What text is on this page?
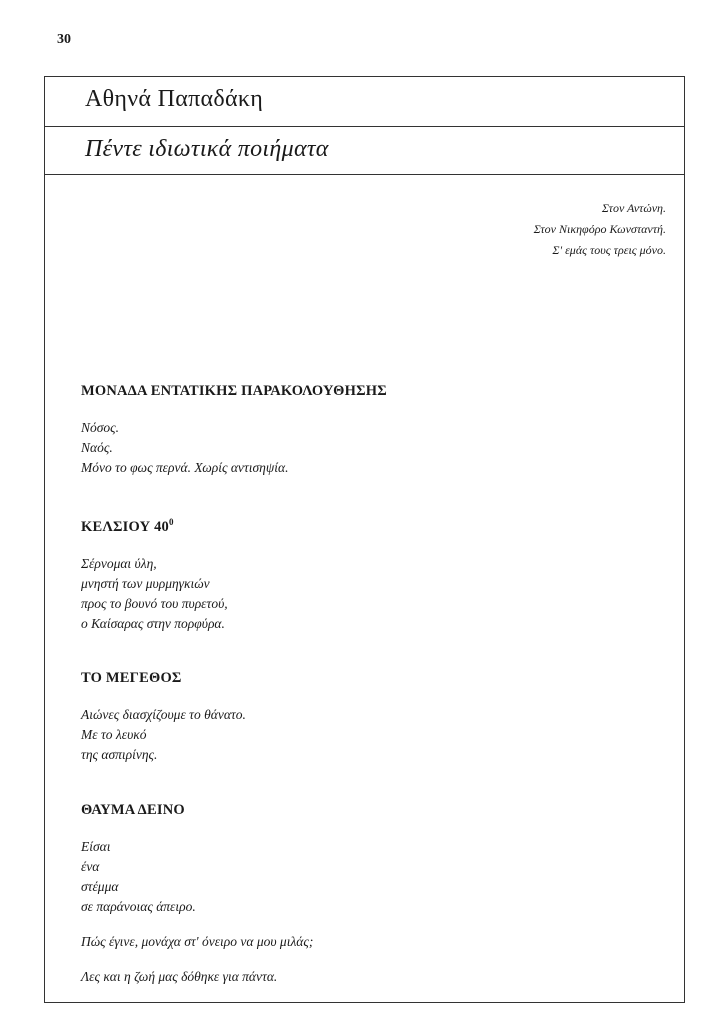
30
Αθηνά Παπαδάκη
Πέντε ιδιωτικά ποιήματα
Στον Αντώνη.
Στον Νικηφόρο Κωνσταντή.
Σ' εμάς τους τρεις μόνο.
ΜΟΝΑΔΑ ΕΝΤΑΤΙΚΗΣ ΠΑΡΑΚΟΛΟΥΘΗΣΗΣ
Νόσος.
Ναός.
Μόνο το φως περνά. Χωρίς αντισηψία.
ΚΕΛΣΙΟΥ $40^0$
Σέρνομαι ύλη,
μνηστή των μυρμηγκιών
προς το βουνό του πυρετού,
ο Καίσαρας στην πορφύρα.
ΤΟ ΜΕΓΕΘΟΣ
Αιώνες διασχίζουμε το θάνατο.
Με το λευκό
της ασπιρίνης.
ΘΑΥΜΑ ΔΕΙΝΟ
Είσαι
ένα
στέμμα
σε παράνοιας άπειρο.
Πώς έγινε, μονάχα στ' όνειρο να μου μιλάς;
Λες και η ζωή μας δόθηκε για πάντα.
